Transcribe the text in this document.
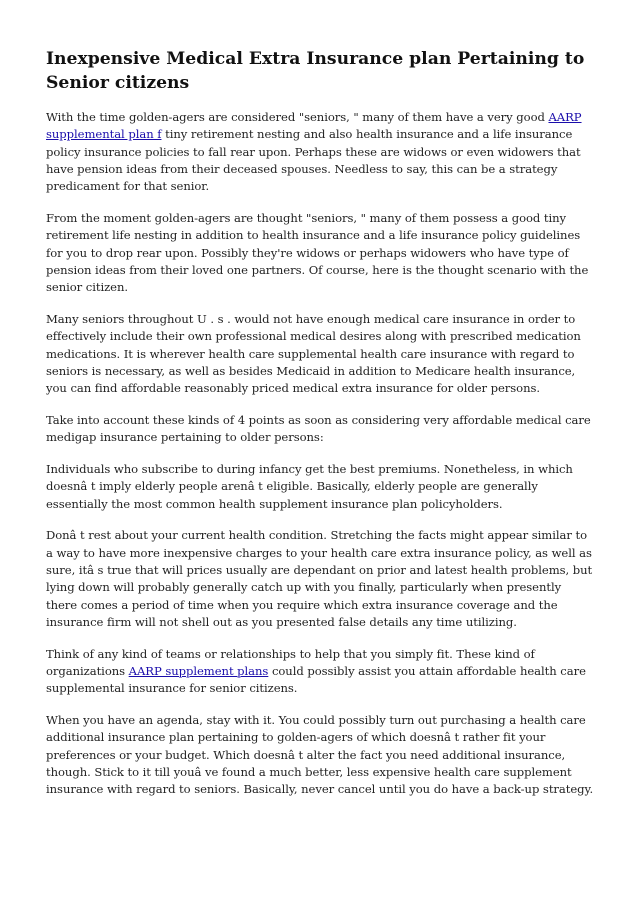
Inexpensive Medical Extra Insurance plan Pertaining to Senior citizens

With the time golden-agers are considered "seniors, " many of them have a very good AARP supplemental plan f tiny retirement nesting and also health insurance and a life insurance policy insurance policies to fall rear upon. Perhaps these are widows or even widowers that have pension ideas from their deceased spouses. Needless to say, this can be a strategy predicament for that senior.

From the moment golden-agers are thought "seniors, " many of them possess a good tiny retirement life nesting in addition to health insurance and a life insurance policy guidelines for you to drop rear upon. Possibly they're widows or perhaps widowers who have type of pension ideas from their loved one partners. Of course, here is the thought scenario with the senior citizen.

Many seniors throughout U . s . would not have enough medical care insurance in order to effectively include their own professional medical desires along with prescribed medication medications. It is wherever health care supplemental health care insurance with regard to seniors is necessary, as well as besides Medicaid in addition to Medicare health insurance, you can find affordable reasonably priced medical extra insurance for older persons.

Take into account these kinds of 4 points as soon as considering very affordable medical care medigap insurance pertaining to older persons:

Individuals who subscribe to during infancy get the best premiums. Nonetheless, in which doesnâ t imply elderly people arenâ t eligible. Basically, elderly people are generally essentially the most common health supplement insurance plan policyholders.

Donâ t rest about your current health condition. Stretching the facts might appear similar to a way to have more inexpensive charges to your health care extra insurance policy, as well as sure, itâ s true that will prices usually are dependant on prior and latest health problems, but lying down will probably generally catch up with you finally, particularly when presently there comes a period of time when you require which extra insurance coverage and the insurance firm will not shell out as you presented false details any time utilizing.

Think of any kind of teams or relationships to help that you simply fit. These kind of organizations AARP supplement plans could possibly assist you attain affordable health care supplemental insurance for senior citizens.

When you have an agenda, stay with it. You could possibly turn out purchasing a health care additional insurance plan pertaining to golden-agers of which doesnâ t rather fit your preferences or your budget. Which doesnâ t alter the fact you need additional insurance, though. Stick to it till youâ ve found a much better, less expensive health care supplement insurance with regard to seniors. Basically, never cancel until you do have a back-up strategy.
